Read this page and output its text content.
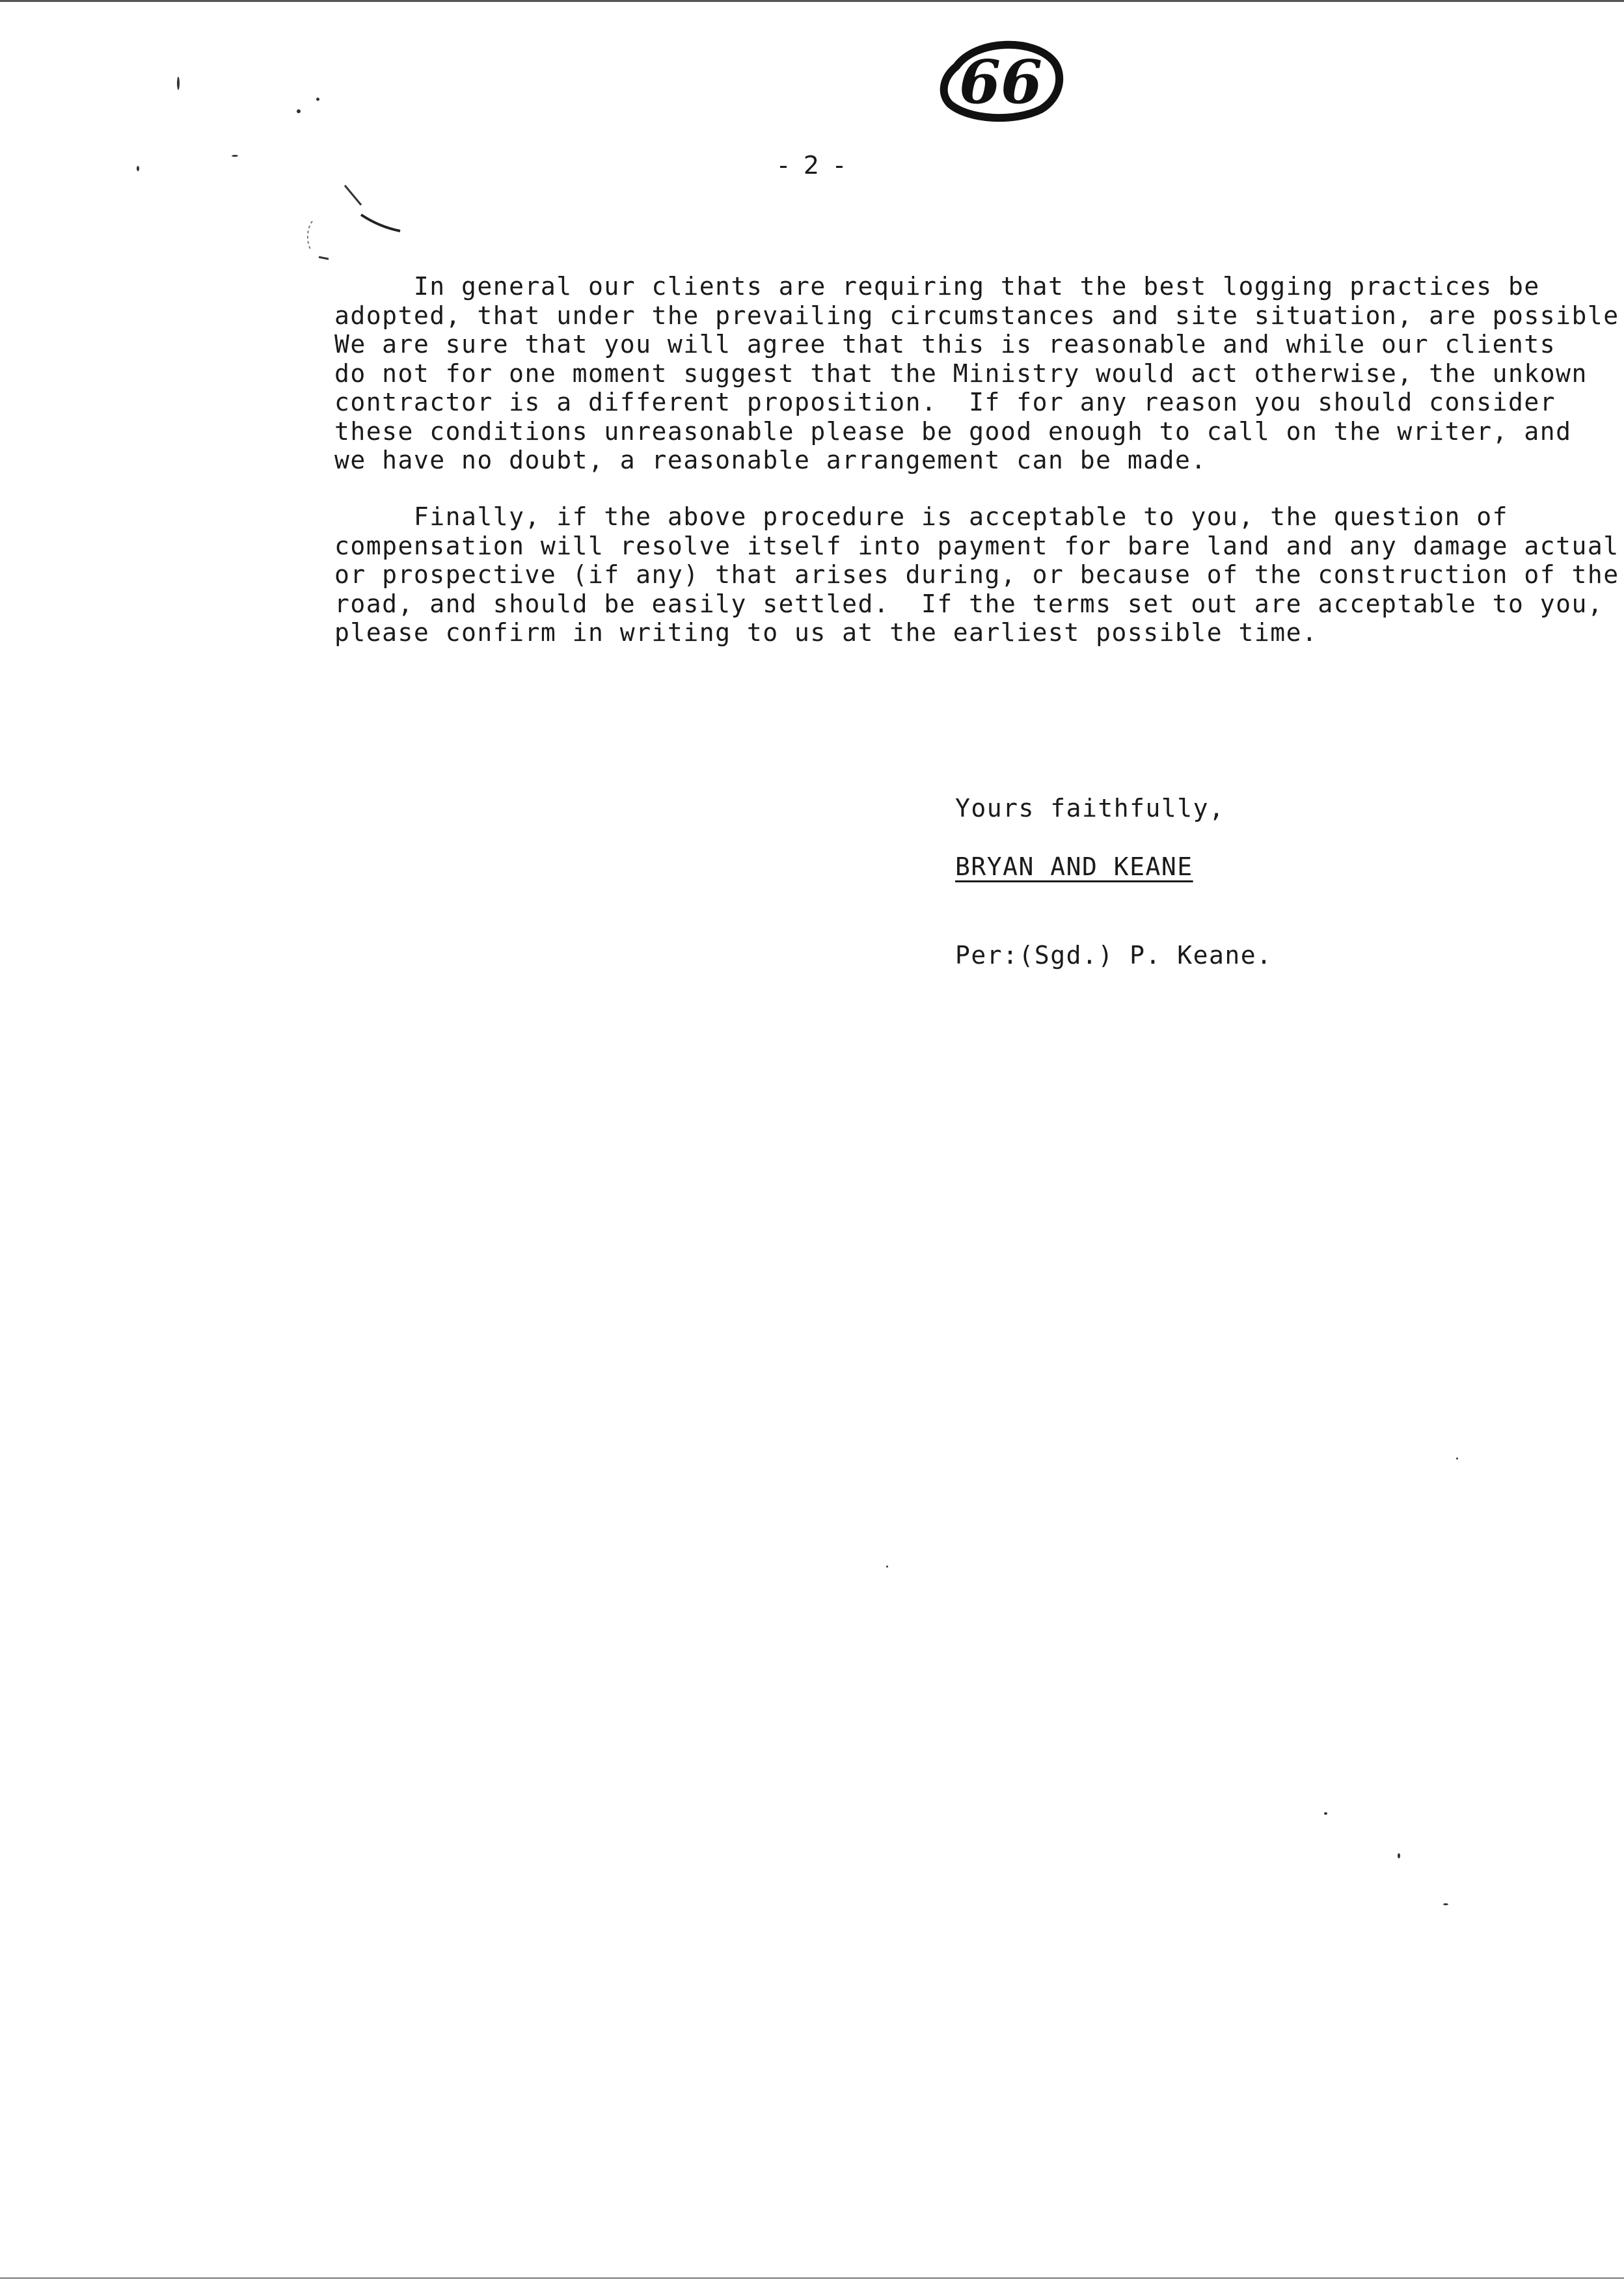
66
- 2 -
In general our clients are requiring that the best logging practices be
adopted, that under the prevailing circumstances and site situation, are possible
We are sure that you will agree that this is reasonable and while our clients
do not for one moment suggest that the Ministry would act otherwise, the unkown
contractor is a different proposition.  If for any reason you should consider
these conditions unreasonable please be good enough to call on the writer, and
we have no doubt, a reasonable arrangement can be made.
Finally, if the above procedure is acceptable to you, the question of
compensation will resolve itself into payment for bare land and any damage actual
or prospective (if any) that arises during, or because of the construction of the
road, and should be easily settled.  If the terms set out are acceptable to you,
please confirm in writing to us at the earliest possible time.
Yours faithfully,
BRYAN AND KEANE
Per:(Sgd.) P. Keane.
